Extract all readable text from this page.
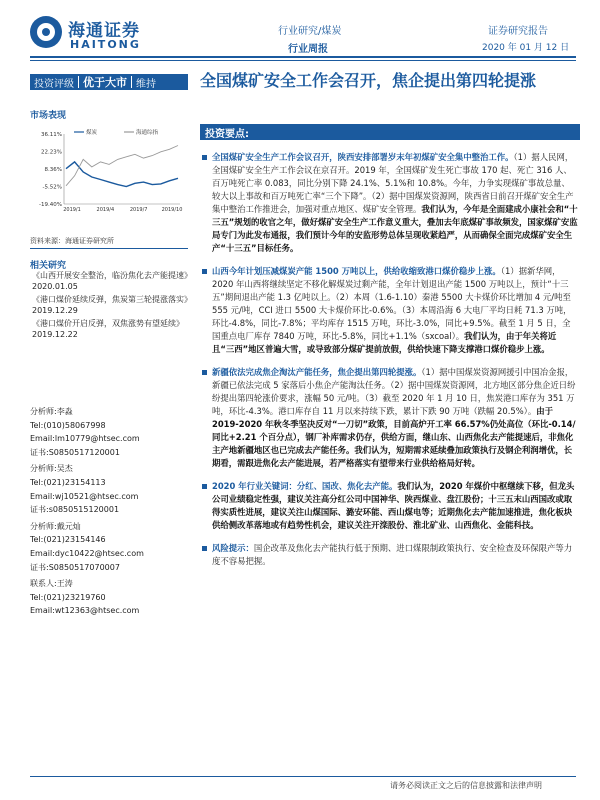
海通证券
HAITONG
行业研究/煤炭
行业周报
证券研究报告
2020 年 01 月 12 日
投资评级 优于大市 维持	全国煤矿安全工作会召开，焦企提出第四轮提涨
市场表现
36.11%
22.23%
8.36%
-5.52%
-19.40%
2019/1	2019/4	2019/7	2019/10
煤炭	海通综指
资料来源：海通证券研究所
相关研究
《山西开展安全整治，临汾焦化去产能提速》2020.01.05
《港口煤价延续反弹，焦炭第三轮提涨落实》2019.12.29
《港口煤价开启反弹，双焦涨势有望延续》2019.12.22
分析师:李淼
Tel:(010)58067998
Email:lm10779@htsec.com
证书:S0850517120001
分析师:吴杰
Tel:(021)23154113
Email:wj10521@htsec.com
证书:s0850515120001
分析师:戴元灿
Tel:(021)23154146
Email:dyc10422@htsec.com
证书:S0850517070007
联系人:王涛
Tel:(021)23219760
Email:wt12363@htsec.com
投资要点:
全国煤矿安全生产工作会议召开，陕西安排部署岁末年初煤矿安全集中整治工作。（1）据人民网，全国煤矿安全生产工作会议在京召开。2019 年，全国煤矿发生死亡事故 170 起、死亡 316 人、百万吨死亡率 0.083，同比分别下降 24.1%、5.1%和 10.8%。今年，力争实现煤矿事故总量、较大以上事故和百万吨死亡率“三个下降”。（2）据中国煤炭资源网，陕西省日前召开煤矿安全生产集中整治工作推进会，加强对重点地区、煤矿安全管理。我们认为，今年是全面建成小康社会和“十三五”规划的收官之年，做好煤矿安全生产工作意义重大，叠加去年底煤矿事故频发，国家煤矿安监局专门为此发布通报，我们预计今年的安监形势总体呈现收紧趋严，从而确保全面完成煤矿安全生产“十三五”目标任务。
山西今年计划压减煤炭产能 1500 万吨以上，供给收缩致港口煤价稳步上涨。（1）据新华网，2020 年山西将继续坚定不移化解煤炭过剩产能，全年计划退出产能 1500 万吨以上，预计“十三五”期间退出产能 1.3 亿吨以上。（2）本周（1.6-1.10）秦港 5500 大卡煤价环比增加 4 元/吨至 555 元/吨，CCI 进口 5500 大卡煤价环比-0.6%。（3）本周沿海 6 大电厂平均日耗 71.3 万吨，环比-4.8%，同比-7.8%；平均库存 1515 万吨，环比-3.0%，同比+9.5%。截至 1 月 5 日，全国重点电厂库存 7840 万吨，环比-5.8%，同比+1.1%（sxcoal）。我们认为，由于年关将近且“三西”地区普遍大雪，或导致部分煤矿提前放假，供给快速下降支撑港口煤价稳步上涨。
新疆依法完成焦企淘汰产能任务，焦企提出第四轮提涨。（1）据中国煤炭资源网援引中国冶金报，新疆已依法完成 5 家落后小焦企产能淘汰任务。（2）据中国煤炭资源网，北方地区部分焦企近日纷纷提出第四轮涨价要求，涨幅 50 元/吨。（3）截至 2020 年 1 月 10 日，焦炭港口库存为 351 万吨，环比-4.3%。港口库存自 11 月以来持续下跌，累计下跌 90 万吨（跌幅 20.5%）。由于 2019-2020 年秋冬季坚决反对“一刀切”政策，目前高炉开工率 66.57%仍处高位（环比-0.14/同比+2.21 个百分点），钢厂补库需求仍存，供给方面，继山东、山西焦化去产能提速后，非焦化主产地新疆地区也已完成去产能任务。我们认为，短期需求延续叠加政策执行及钢企利润增优，长期看，需跟进焦化去产能进展，若严格落实有望带来行业供给格局好转。
2020 年行业关键词：分红、国改、焦化去产能。我们认为，2020 年煤价中枢继续下移，但龙头公司业绩稳定性强，建议关注高分红公司中国神华、陕西煤业、盘江股份；十三五末山西国改或取得实质性进展，建议关注山煤国际、潞安环能、西山煤电等；近期焦化去产能加速推进，焦化板块供给侧改革落地或有趋势性机会，建议关注开滦股份、淮北矿业、山西焦化、金能科技。
风险提示：国企改革及焦化去产能执行低于预期、进口煤限制政策执行、安全检查及环保限产等力度不容易把握。
请务必阅读正文之后的信息披露和法律声明
